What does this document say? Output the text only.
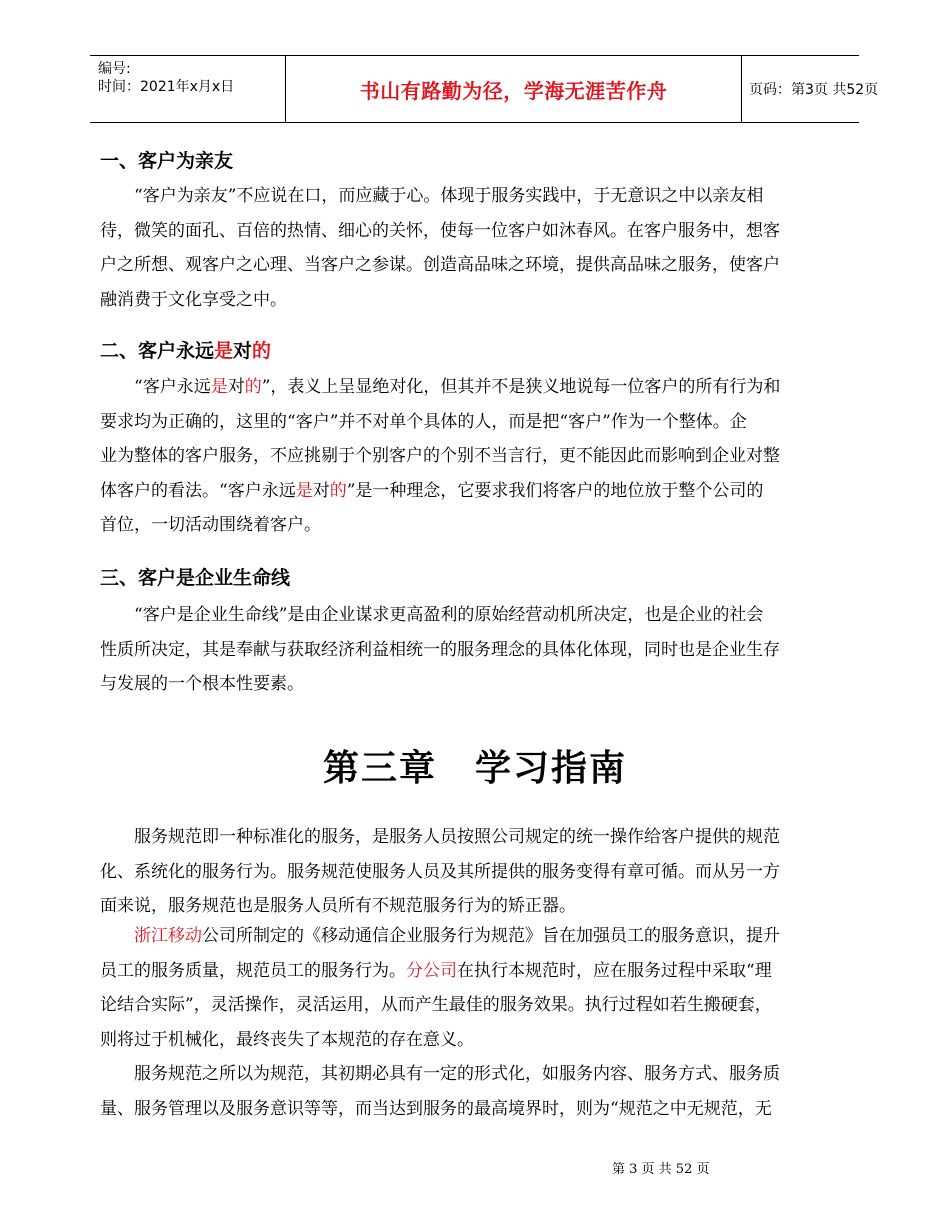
编号:
时间：2021年x月x日	书山有路勤为径，学海无涯苦作舟	页码：第3页 共52页
一、客户为亲友
“客户为亲友”不应说在口，而应藏于心。体现于服务实践中，于无意识之中以亲友相
待，微笑的面孔、百倍的热情、细心的关怀，使每一位客户如沐春风。在客户服务中，想客
户之所想、观客户之心理、当客户之参谋。创造高品味之环境，提供高品味之服务，使客户
融消费于文化享受之中。
二、客户永远是对的
“客户永远是对的”，表义上呈显绝对化，但其并不是狭义地说每一位客户的所有行为和
要求均为正确的，这里的“客户”并不对单个具体的人，而是把“客户”作为一个整体。企
业为整体的客户服务，不应挑剔于个别客户的个别不当言行，更不能因此而影响到企业对整
体客户的看法。“客户永远是对的”是一种理念，它要求我们将客户的地位放于整个公司的
首位，一切活动围绕着客户。
三、客户是企业生命线
“客户是企业生命线”是由企业谋求更高盈利的原始经营动机所决定，也是企业的社会
性质所决定，其是奉献与获取经济利益相统一的服务理念的具体化体现，同时也是企业生存
与发展的一个根本性要素。
第三章　学习指南
服务规范即一种标准化的服务，是服务人员按照公司规定的统一操作给客户提供的规范
化、系统化的服务行为。服务规范使服务人员及其所提供的服务变得有章可循。而从另一方
面来说，服务规范也是服务人员所有不规范服务行为的矫正器。
浙江移动公司所制定的《移动通信企业服务行为规范》旨在加强员工的服务意识，提升
员工的服务质量，规范员工的服务行为。分公司在执行本规范时，应在服务过程中采取“理
论结合实际”，灵活操作，灵活运用，从而产生最佳的服务效果。执行过程如若生搬硬套，
则将过于机械化，最终丧失了本规范的存在意义。
服务规范之所以为规范，其初期必具有一定的形式化，如服务内容、服务方式、服务质
量、服务管理以及服务意识等等，而当达到服务的最高境界时，则为“规范之中无规范，无
第 3 页 共 52 页
